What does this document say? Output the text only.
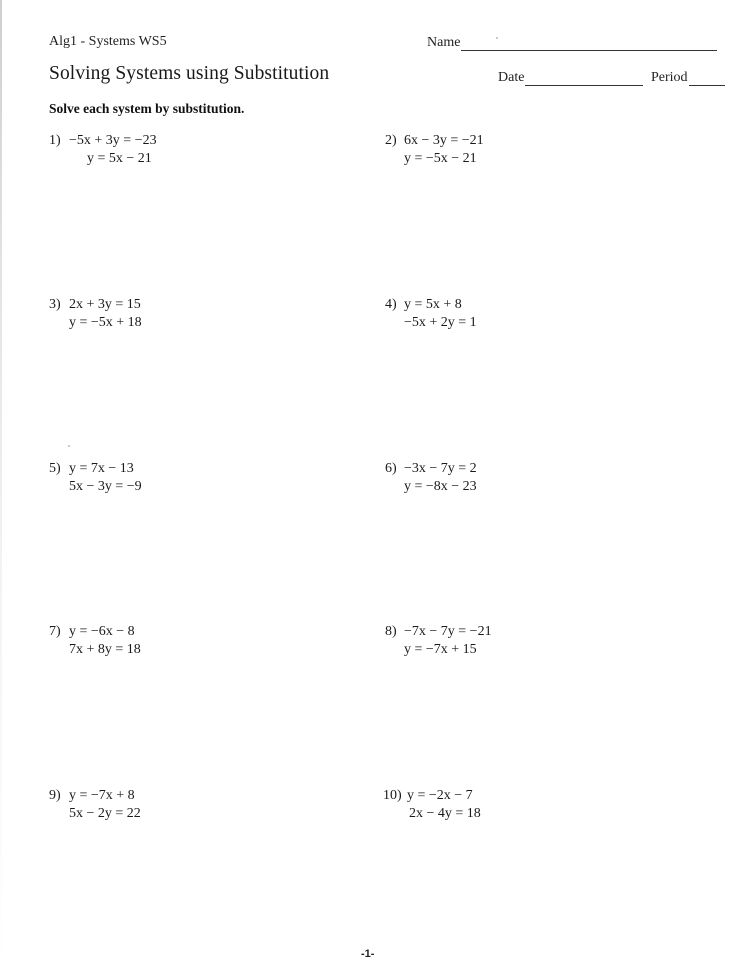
Alg1 - Systems WS5
Solving Systems using Substitution
Solve each system by substitution.
Name
Date	Period
1) −5x + 3y = −23
y = 5x − 21
2) 6x − 3y = −21
y = −5x − 21
3) 2x + 3y = 15
y = −5x + 18
4) y = 5x + 8
−5x + 2y = 1
5) y = 7x − 13
5x − 3y = −9
6) −3x − 7y = 2
y = −8x − 23
7) y = −6x − 8
7x + 8y = 18
8) −7x − 7y = −21
y = −7x + 15
9) y = −7x + 8
5x − 2y = 22
10) y = −2x − 7
2x − 4y = 18
-1-
